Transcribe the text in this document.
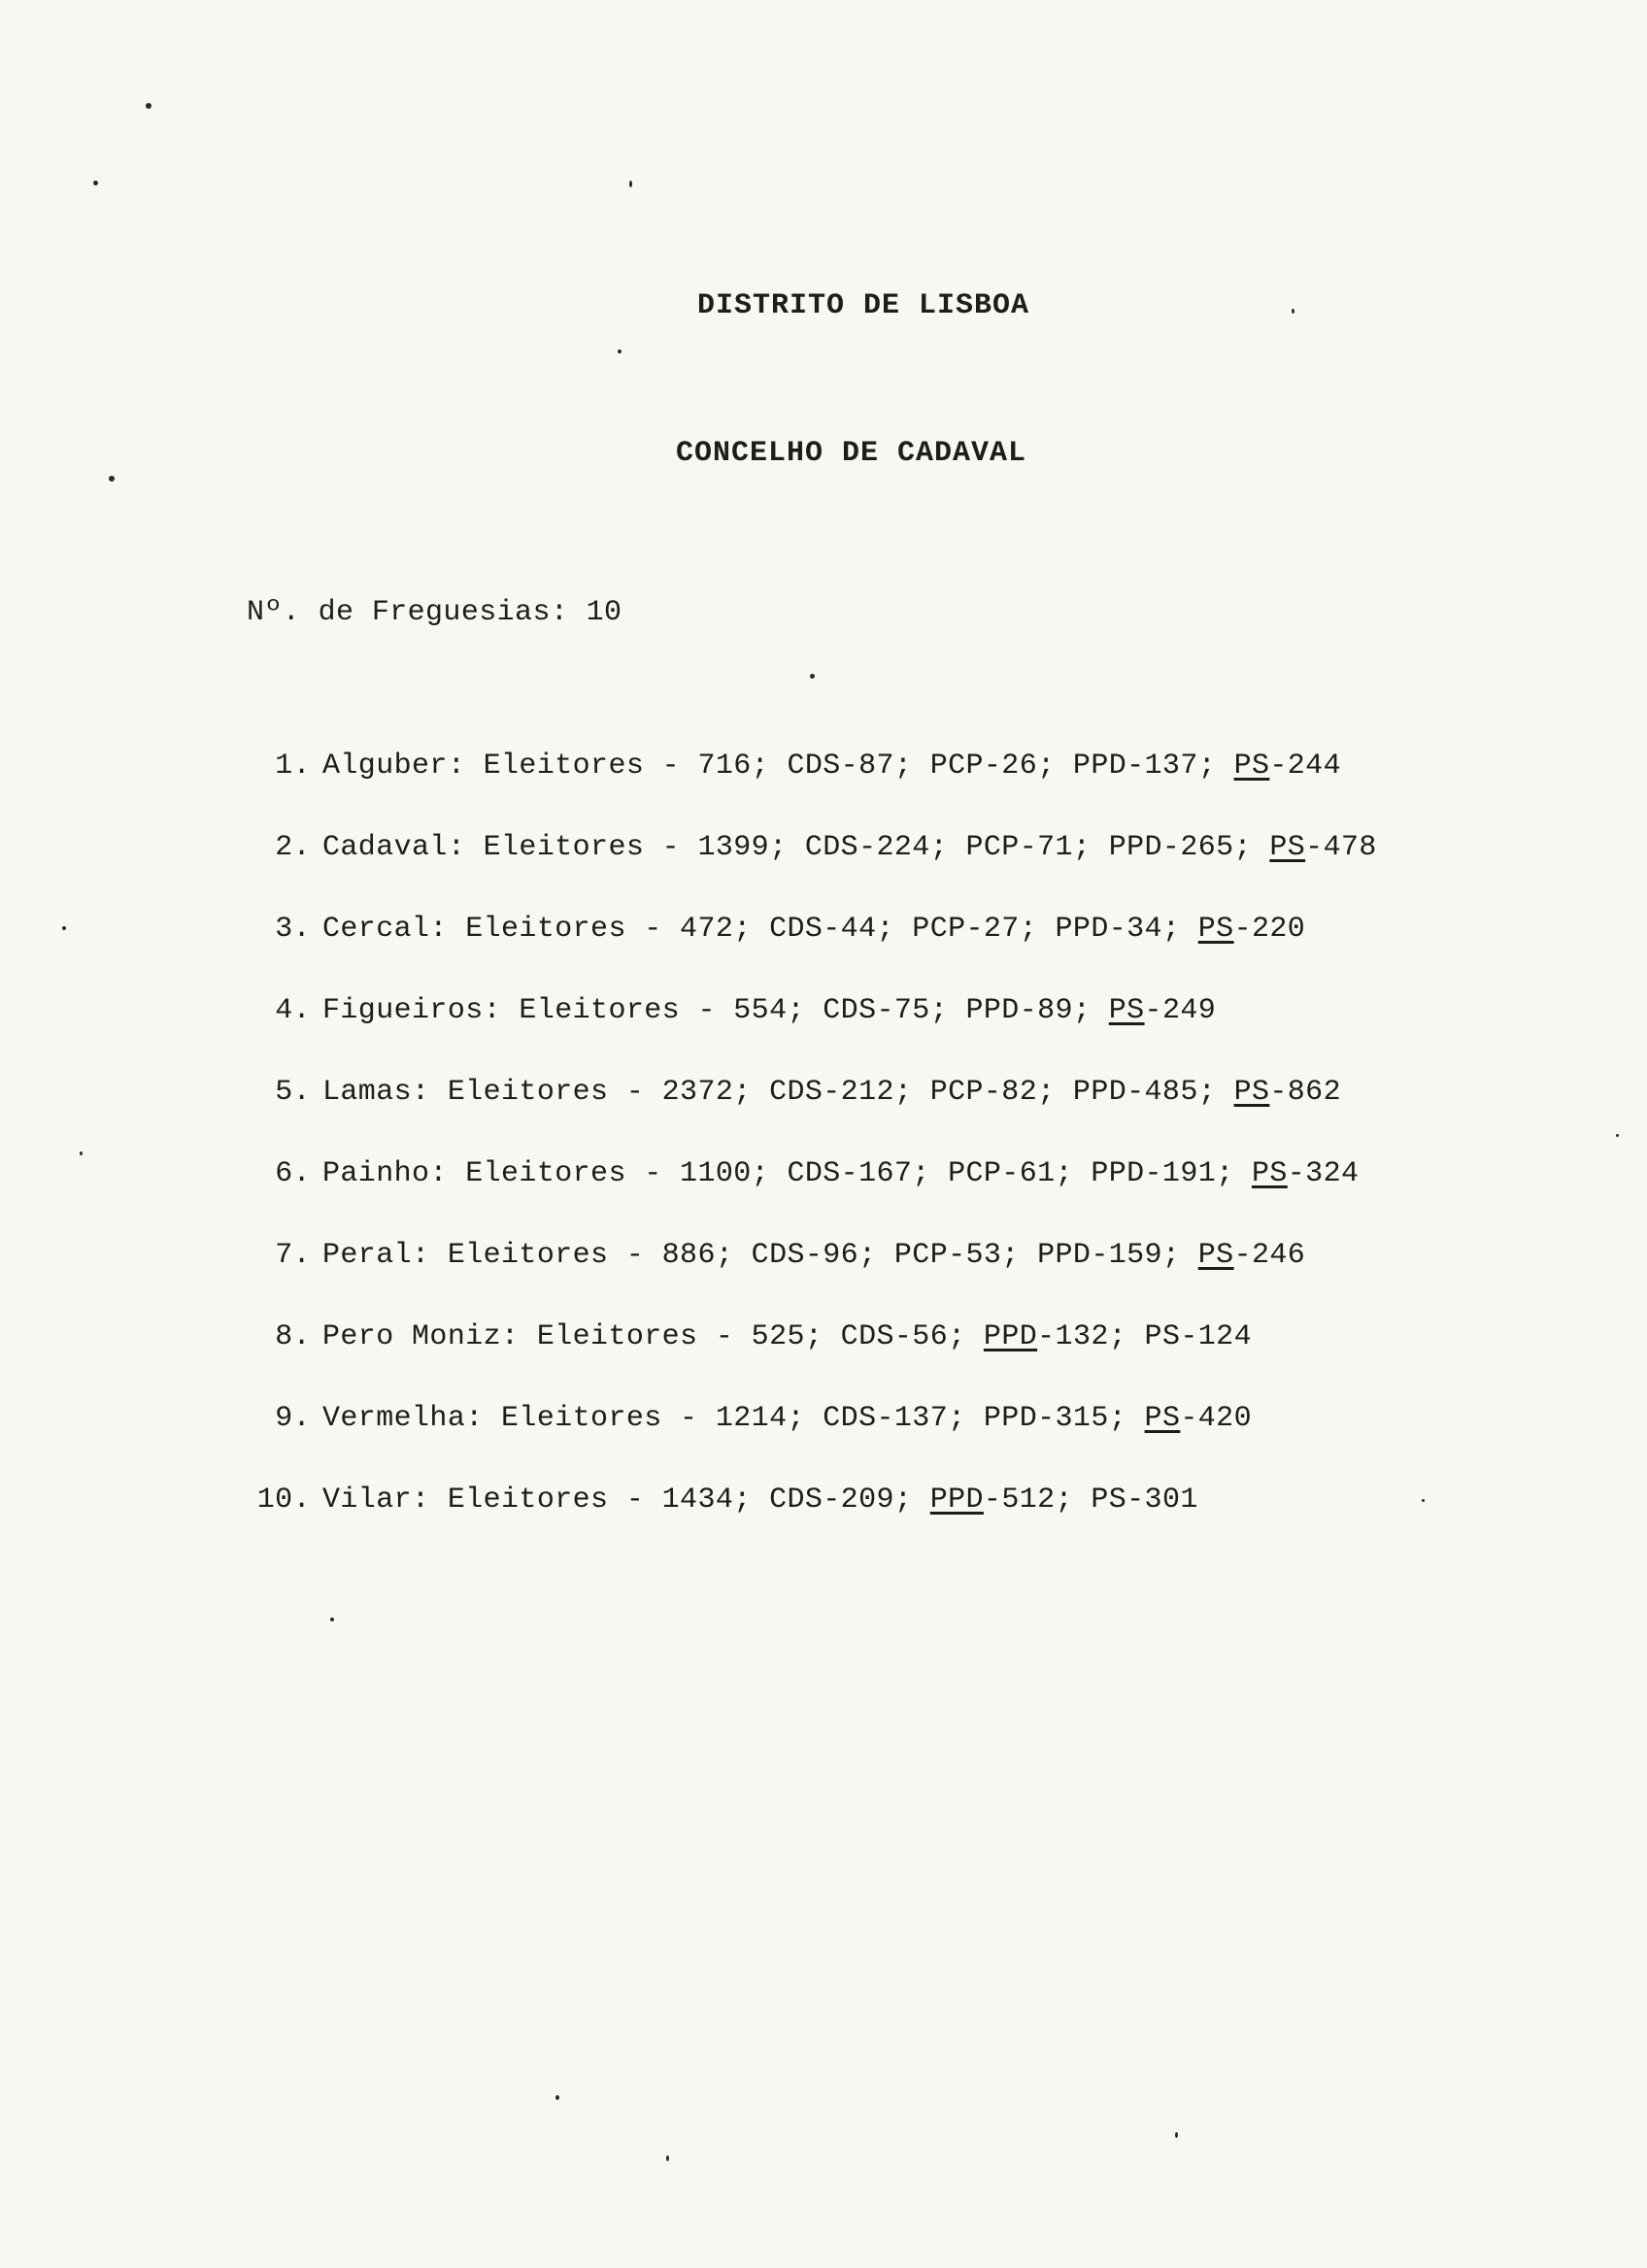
DISTRITO DE LISBOA
CONCELHO DE CADAVAL
Nº. de Freguesias: 10
1. Alguber: Eleitores - 716; CDS-87; PCP-26; PPD-137; PS-244
2. Cadaval: Eleitores - 1399; CDS-224; PCP-71; PPD-265; PS-478
3. Cercal: Eleitores - 472; CDS-44; PCP-27; PPD-34; PS-220
4. Figueiros: Eleitores - 554; CDS-75; PPD-89; PS-249
5. Lamas: Eleitores - 2372; CDS-212; PCP-82; PPD-485; PS-862
6. Painho: Eleitores - 1100; CDS-167; PCP-61; PPD-191; PS-324
7. Peral: Eleitores - 886; CDS-96; PCP-53; PPD-159; PS-246
8. Pero Moniz: Eleitores - 525; CDS-56; PPD-132; PS-124
9. Vermelha: Eleitores - 1214; CDS-137; PPD-315; PS-420
10. Vilar: Eleitores - 1434; CDS-209; PPD-512; PS-301
